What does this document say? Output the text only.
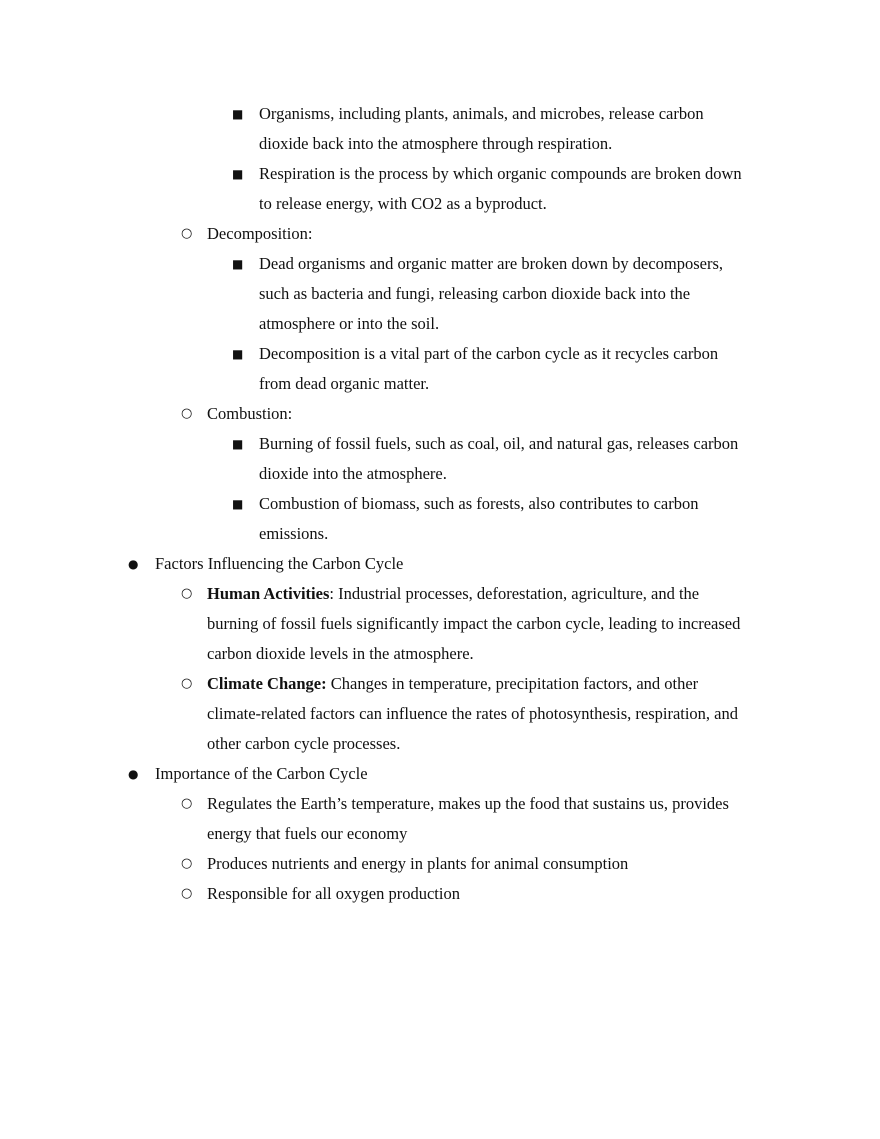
■ Organisms, including plants, animals, and microbes, release carbon
dioxide back into the atmosphere through respiration.
■ Respiration is the process by which organic compounds are broken down
to release energy, with CO2 as a byproduct.
○ Decomposition:
■ Dead organisms and organic matter are broken down by decomposers,
such as bacteria and fungi, releasing carbon dioxide back into the
atmosphere or into the soil.
■ Decomposition is a vital part of the carbon cycle as it recycles carbon
from dead organic matter.
○ Combustion:
■ Burning of fossil fuels, such as coal, oil, and natural gas, releases carbon
dioxide into the atmosphere.
■ Combustion of biomass, such as forests, also contributes to carbon
emissions.
● Factors Influencing the Carbon Cycle
○ Human Activities: Industrial processes, deforestation, agriculture, and the
burning of fossil fuels significantly impact the carbon cycle, leading to increased
carbon dioxide levels in the atmosphere.
○ Climate Change: Changes in temperature, precipitation factors, and other
climate-related factors can influence the rates of photosynthesis, respiration, and
other carbon cycle processes.
● Importance of the Carbon Cycle
○ Regulates the Earth’s temperature, makes up the food that sustains us, provides
energy that fuels our economy
○ Produces nutrients and energy in plants for animal consumption
○ Responsible for all oxygen production
